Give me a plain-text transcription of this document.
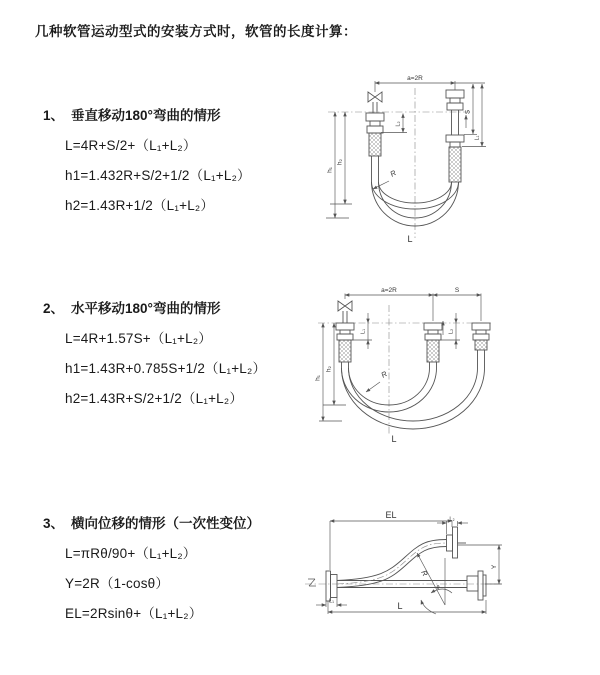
几种软管运动型式的安装方式时，软管的长度计算：
1、 垂直移动180°弯曲的情形
L=4R+S/2+（L₁+L₂）
h1=1.432R+S/2+1/2（L₁+L₂）
h2=1.43R+1/2（L₁+L₂）
a=2R
h₁
h₂
S
L₁
L₂
R
L
2、 水平移动180°弯曲的情形
L=4R+1.57S+（L₁+L₂）
h1=1.43R+0.785S+1/2（L₁+L₂）
h2=1.43R+S/2+1/2（L₁+L₂）
a=2R	S
h₁
h₂
L₁	L₂
R
L
3、 横向位移的情形（一次性变位）
L=πRθ/90+（L₁+L₂）
Y=2R（1-cosθ）
EL=2Rsinθ+（L₁+L₂）
EL	L₂
Y
L
L₁
R
θ
